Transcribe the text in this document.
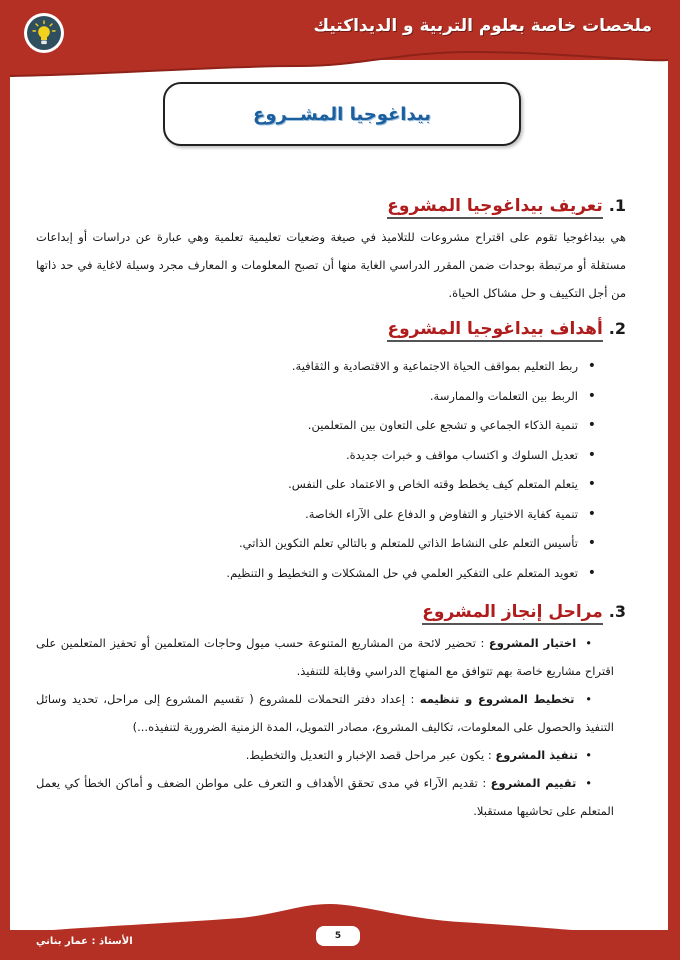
ملخصات خاصة بعلوم التربية و الديداكتيك
بيداغوجيا المشــروع
1.
تعريف بيداغوجيا المشروع

هي بيداغوجيا تقوم على اقتراح مشروعات للتلاميذ في صيغة وضعيات تعليمية تعلمية وهي عبارة عن دراسات أو إبداعات مستقلة أو مرتبطة بوحدات ضمن المقرر الدراسي الغاية منها أن تصبح المعلومات و المعارف مجرد وسيلة لاغاية في حد ذاتها من أجل التكييف و حل مشاكل الحياة.

2.
أهداف بيداغوجيا المشروع
• ربط التعليم بمواقف الحياة الاجتماعية و الاقتصادية و الثقافية.
• الربط بين التعلمات والممارسة.
• تنمية الذكاء الجماعي و تشجع على التعاون بين المتعلمين.
• تعديل السلوك و اكتساب مواقف و خبرات جديدة.
• يتعلم المتعلم كيف يخطط وقته الخاص و الاعتماد على النفس.
• تنمية كفاية الاختيار و التفاوض و الدفاع على الآراء الخاصة.
• تأسيس التعلم على النشاط الذاتي للمتعلم و بالتالي تعلم التكوين الذاتي.
• تعويد المتعلم على التفكير العلمي في حل المشكلات و التخطيط و التنظيم.
3.
مراحل إنجاز المشروع
•  اختيار المشروع : تحضير لائحة من المشاريع المتنوعة حسب ميول وحاجات المتعلمين أو تحفيز المتعلمين على اقتراح مشاريع خاصة بهم تتوافق مع المنهاج الدراسي وقابلة للتنفيذ.
•  تخطيط المشروع و تنظيمه : إعداد دفتر التحملات للمشروع ( تقسيم المشروع إلى مراحل، تحديد وسائل التنفيذ والحصول على المعلومات، تكاليف المشروع، مصادر التمويل، المدة الزمنية الضرورية لتنفيذه...)
•  تنفيذ المشروع : يكون عبر مراحل قصد الإخبار و التعديل والتخطيط.
•  تقييم المشروع : تقديم الآراء في مدى تحقق الأهداف و التعرف على مواطن الضعف و أماكن الخطأ كي يعمل المتعلم على تحاشيها مستقبلا.
5
الأستاذ : عمار بناني
